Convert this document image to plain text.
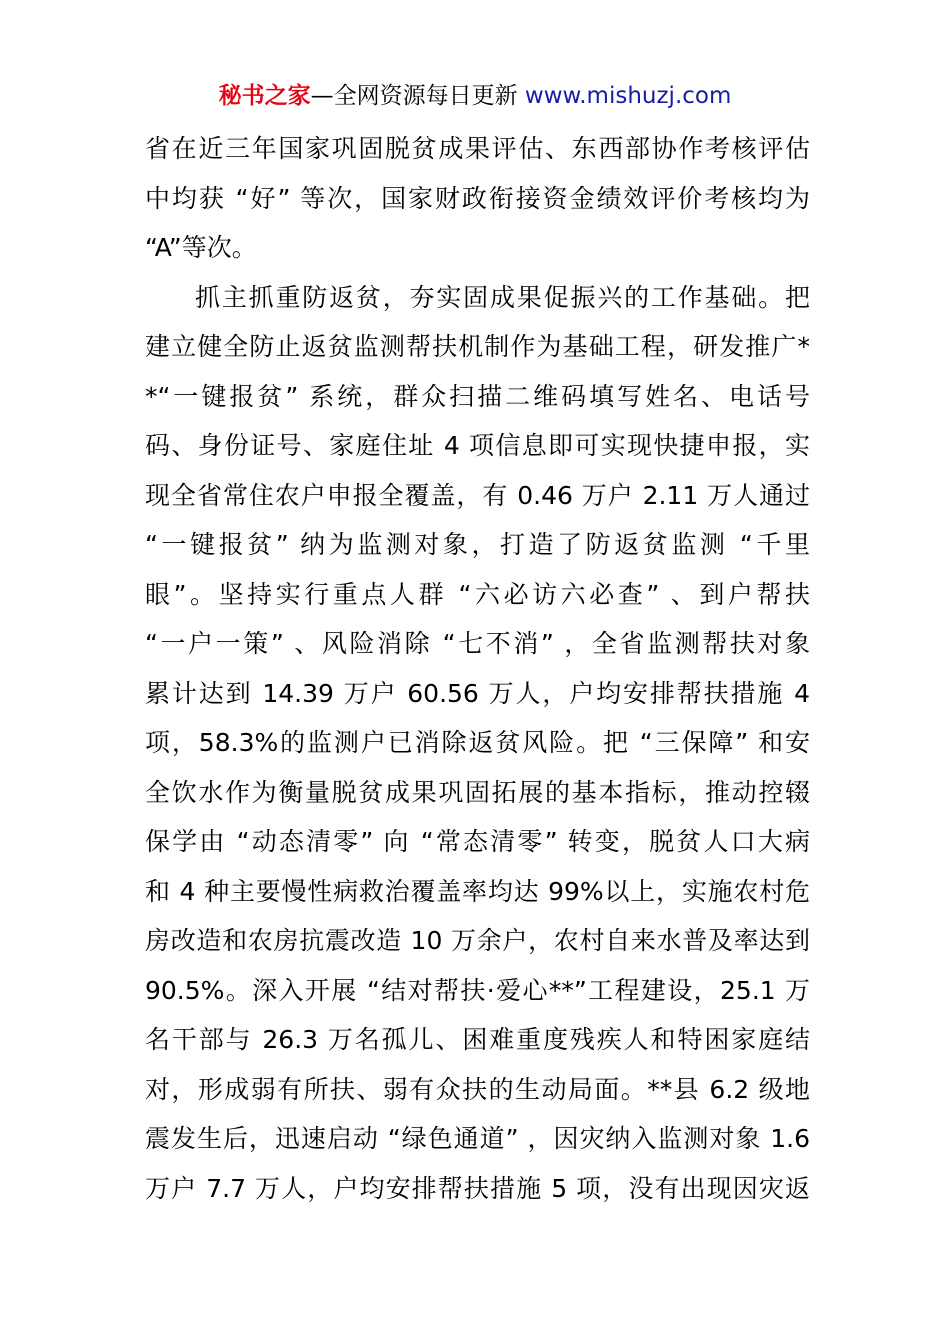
秘书之家—全网资源每日更新 www.mishuzj.com
省在近三年国家巩固脱贫成果评估、东西部协作考核评估
中均获 “好” 等次，国家财政衔接资金绩效评价考核均为
“A”等次。
抓主抓重防返贫，夯实固成果促振兴的工作基础。把
建立健全防止返贫监测帮扶机制作为基础工程，研发推广*
*“一键报贫” 系统，群众扫描二维码填写姓名、电话号
码、身份证号、家庭住址 4 项信息即可实现快捷申报，实
现全省常住农户申报全覆盖，有 0.46 万户 2.11 万人通过
“一键报贫” 纳为监测对象，打造了防返贫监测 “千里
眼”。坚持实行重点人群 “六必访六必查” 、到户帮扶
“一户一策” 、风险消除 “七不消” ，全省监测帮扶对象
累计达到 14.39 万户 60.56 万人，户均安排帮扶措施 4
项，58.3%的监测户已消除返贫风险。把 “三保障” 和安
全饮水作为衡量脱贫成果巩固拓展的基本指标，推动控辍
保学由 “动态清零” 向 “常态清零” 转变，脱贫人口大病
和 4 种主要慢性病救治覆盖率均达 99%以上，实施农村危
房改造和农房抗震改造 10 万余户，农村自来水普及率达到
90.5%。深入开展 “结对帮扶·爱心**”工程建设，25.1 万
名干部与 26.3 万名孤儿、困难重度残疾人和特困家庭结
对，形成弱有所扶、弱有众扶的生动局面。**县 6.2 级地
震发生后，迅速启动 “绿色通道” ，因灾纳入监测对象 1.6
万户 7.7 万人，户均安排帮扶措施 5 项，没有出现因灾返
